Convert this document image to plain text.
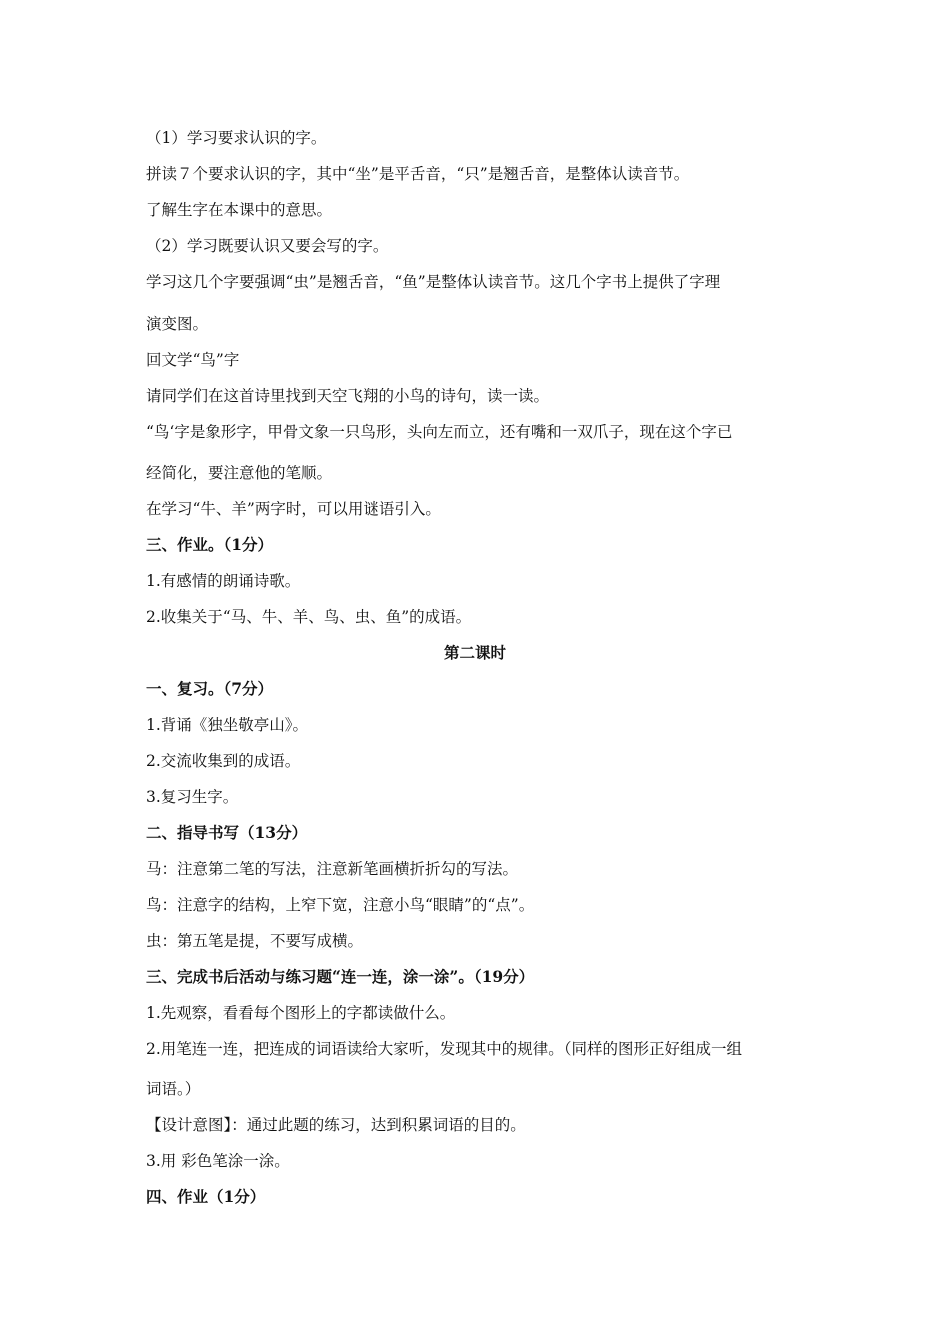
（1）学习要求认识的字。
拼读７个要求认识的字，其中“坐”是平舌音，“只”是翘舌音，是整体认读音节。
了解生字在本课中的意思。
（2）学习既要认识又要会写的字。
学习这几个字要强调“虫”是翘舌音，“鱼”是整体认读音节。这几个字书上提供了字理
演变图。
回文学“鸟”字
请同学们在这首诗里找到天空飞翔的小鸟的诗句，读一读。
“鸟‘字是象形字，甲骨文象一只鸟形，头向左而立，还有嘴和一双爪子，现在这个字已
经简化，要注意他的笔顺。
在学习“牛、羊”两字时，可以用谜语引入。
三、作业。（1分）
1.有感情的朗诵诗歌。
2.收集关于“马、牛、羊、鸟、虫、鱼”的成语。
第二课时
一、复习。（7分）
1.背诵《独坐敬亭山》。
2.交流收集到的成语。
3.复习生字。
二、指导书写（13分）
马：注意第二笔的写法，注意新笔画横折折勾的写法。
鸟：注意字的结构，上窄下宽，注意小鸟“眼睛”的“点”。
虫：第五笔是提，不要写成横。
三、完成书后活动与练习题“连一连，涂一涂”。（19分）
1.先观察，看看每个图形上的字都读做什么。
2.用笔连一连，把连成的词语读给大家听，发现其中的规律。（同样的图形正好组成一组
词语。）
【设计意图】：通过此题的练习，达到积累词语的目的。
3.用 彩色笔涂一涂。
四、作业（1分）
